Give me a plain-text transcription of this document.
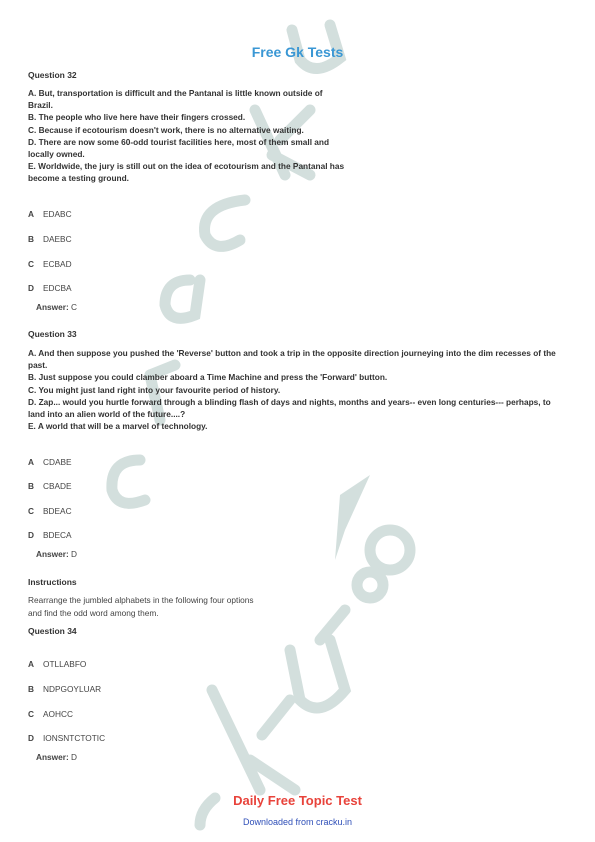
Free Gk Tests
Question 32
A. But, transportation is difficult and the Pantanal is little known outside of Brazil.
B. The people who live here have their fingers crossed.
C. Because if ecotourism doesn't work, there is no alternative waiting.
D. There are now some 60-odd tourist facilities here, most of them small and locally owned.
E. Worldwide, the jury is still out on the idea of ecotourism and the Pantanal has become a testing ground.
A EDABC
B DAEBC
C ECBAD
D EDCBA
Answer: C
Question 33
A. And then suppose you pushed the 'Reverse' button and took a trip in the opposite direction journeying into the dim recesses of the past.
B. Just suppose you could clamber aboard a Time Machine and press the 'Forward' button.
C. You might just land right into your favourite period of history.
D. Zap... would you hurtle forward through a blinding flash of days and nights, months and years-- even long centuries--- perhaps, to land into an alien world of the future....?
E. A world that will be a marvel of technology.
A CDABE
B CBADE
C BDEAC
D BDECA
Answer: D
Instructions
Rearrange the jumbled alphabets in the following four options and find the odd word among them.
Question 34
A OTLLABFO
B NDPGOYLUAR
C AOHCC
D IONSNTCTOTIC
Answer: D
Daily Free Topic Test
Downloaded from cracku.in
